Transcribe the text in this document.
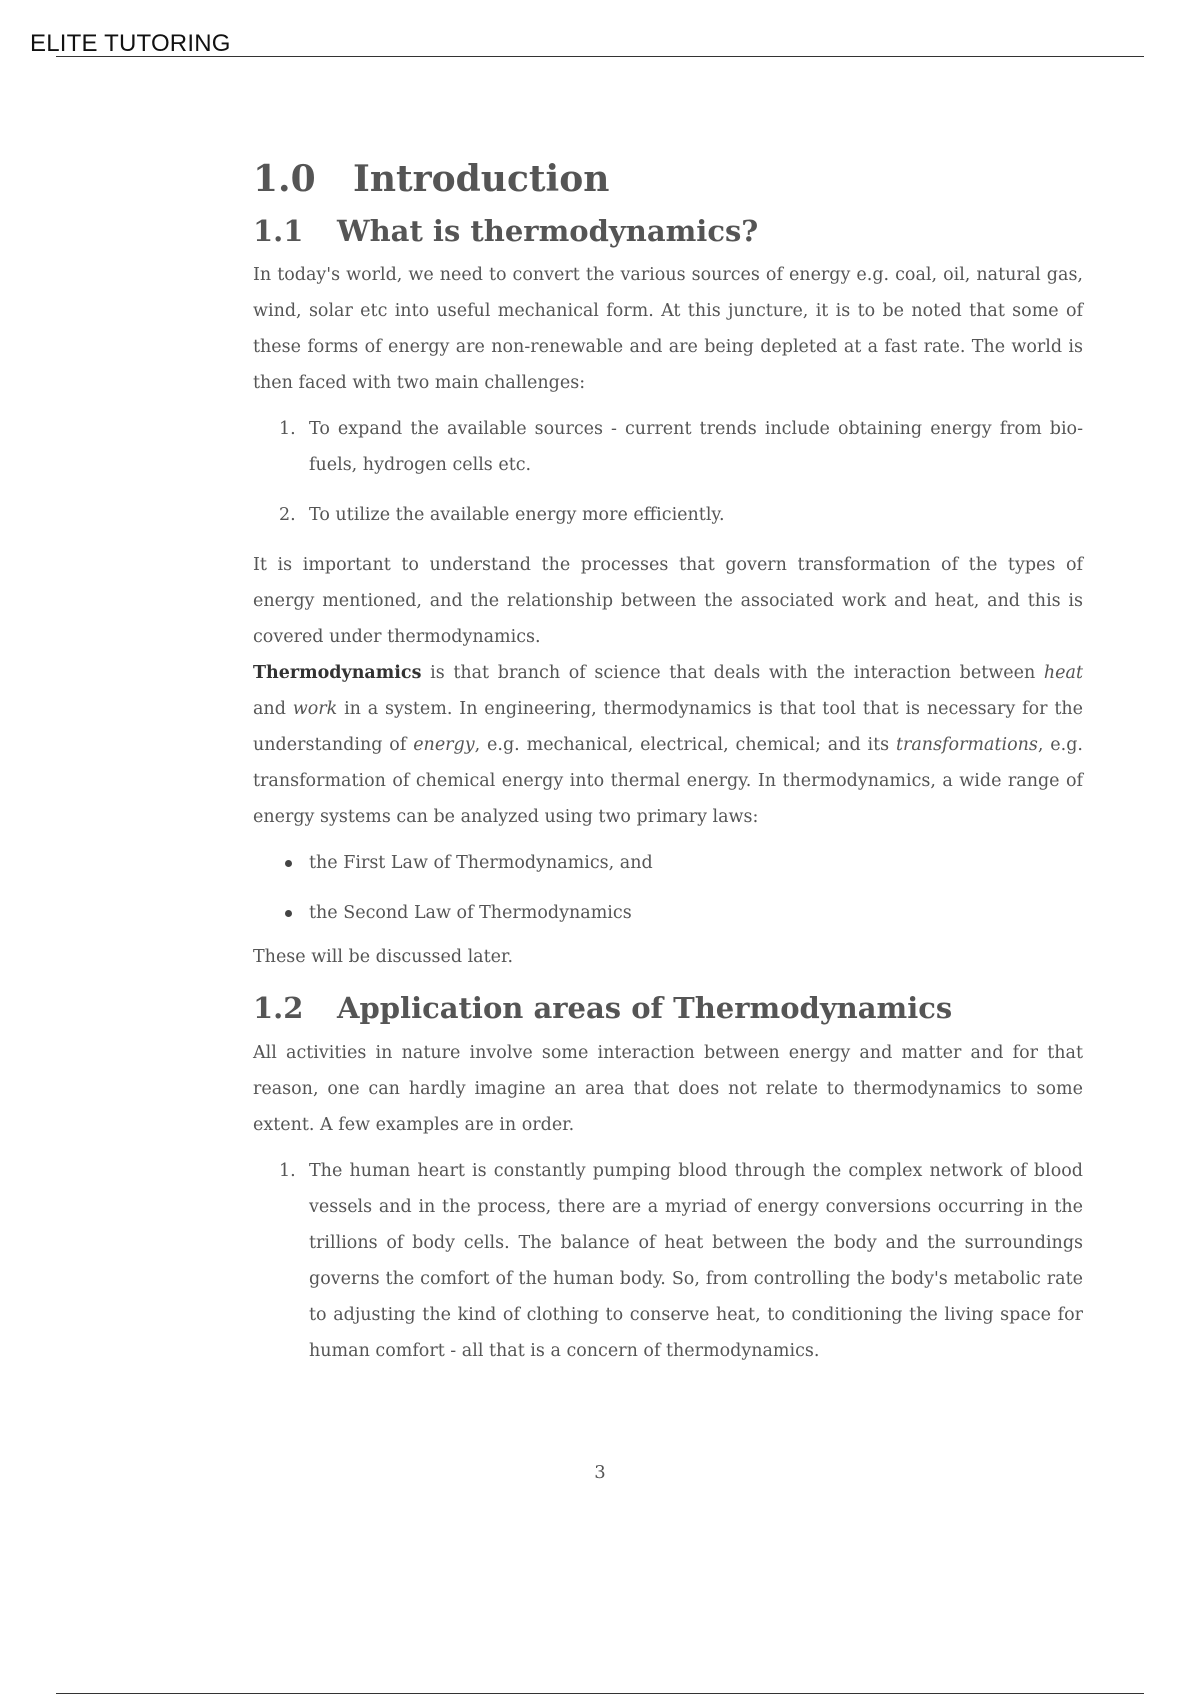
ELITE TUTORING
1.0 Introduction
1.1 What is thermodynamics?

In today's world, we need to convert the various sources of energy e.g. coal, oil, natural gas, wind, solar etc into useful mechanical form. At this juncture, it is to be noted that some of these forms of energy are non-renewable and are being depleted at a fast rate. The world is then faced with two main challenges:

1. To expand the available sources - current trends include obtaining energy from bio-fuels, hydrogen cells etc.
2. To utilize the available energy more efficiently.

It is important to understand the processes that govern transformation of the types of energy mentioned, and the relationship between the associated work and heat, and this is covered under thermodynamics.

Thermodynamics is that branch of science that deals with the interaction between heat and work in a system. In engineering, thermodynamics is that tool that is necessary for the understanding of energy, e.g. mechanical, electrical, chemical; and its transformations, e.g. transformation of chemical energy into thermal energy. In thermodynamics, a wide range of energy systems can be analyzed using two primary laws:

the First Law of Thermodynamics, and
the Second Law of Thermodynamics

These will be discussed later.

1.2 Application areas of Thermodynamics

All activities in nature involve some interaction between energy and matter and for that reason, one can hardly imagine an area that does not relate to thermodynamics to some extent. A few examples are in order.

1. The human heart is constantly pumping blood through the complex network of blood vessels and in the process, there are a myriad of energy conversions occurring in the trillions of body cells. The balance of heat between the body and the surroundings governs the comfort of the human body. So, from controlling the body's metabolic rate to adjusting the kind of clothing to conserve heat, to conditioning the living space for human comfort - all that is a concern of thermodynamics.
3
